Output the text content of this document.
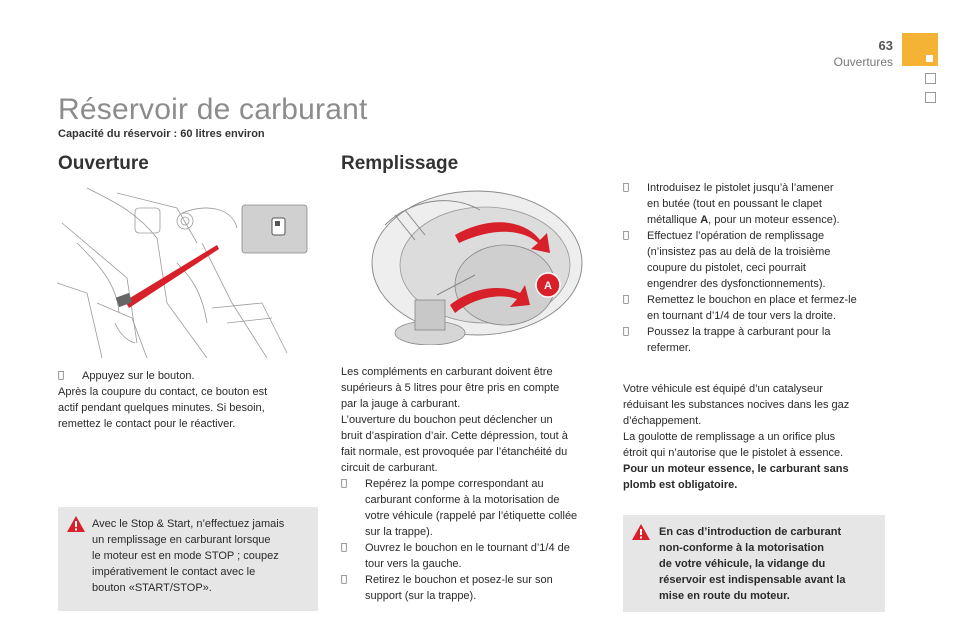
63
Ouvertures
Réservoir de carburant
Capacité du réservoir : 60 litres environ
Ouverture	Remplissage
A
Appuyez sur le bouton.

Après la coupure du contact, ce bouton est

actif pendant quelques minutes. Si besoin,

remettez le contact pour le réactiver.

Avec le Stop & Start, n’effectuez jamais

un remplissage en carburant lorsque

le moteur est en mode STOP ; coupez

impérativement le contact avec le

bouton «START/STOP».

Les compléments en carburant doivent être

supérieurs à 5 litres pour être pris en compte

par la jauge à carburant.

L’ouverture du bouchon peut déclencher un

bruit d’aspiration d’air. Cette dépression, tout à

fait normale, est provoquée par l’étanchéité du

circuit de carburant.

Repérez la pompe correspondant au

carburant conforme à la motorisation de

votre véhicule (rappelé par l’étiquette collée

sur la trappe).

Ouvrez le bouchon en le tournant d’1/4 de

tour vers la gauche.

Retirez le bouchon et posez-le sur son

support (sur la trappe).

Introduisez le pistolet jusqu’à l’amener

en butée (tout en poussant le clapet

métallique A, pour un moteur essence).

Effectuez l’opération de remplissage

(n’insistez pas au delà de la troisième

coupure du pistolet, ceci pourrait

engendrer des dysfonctionnements).

Remettez le bouchon en place et fermez-le

en tournant d’1/4 de tour vers la droite.

Poussez la trappe à carburant pour la

refermer.

Votre véhicule est équipé d’un catalyseur

réduisant les substances nocives dans les gaz

d’échappement.

La goulotte de remplissage a un orifice plus

étroit qui n’autorise que le pistolet à essence.

Pour un moteur essence, le carburant sans

plomb est obligatoire.

En cas d’introduction de carburant

non-conforme à la motorisation

de votre véhicule, la vidange du

réservoir est indispensable avant la

mise en route du moteur.
